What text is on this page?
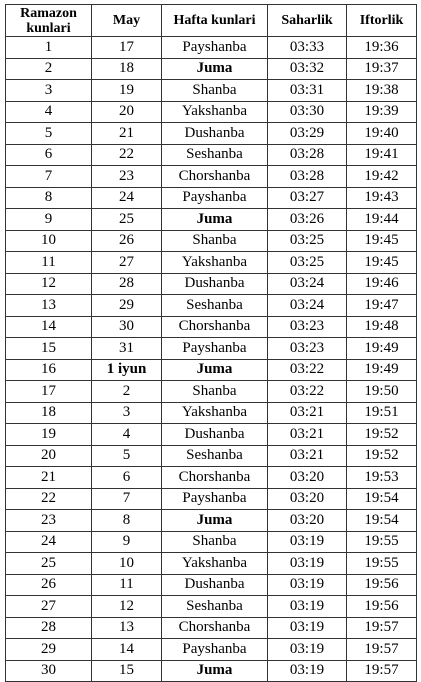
Ramazon
kunlari	May	Hafta kunlari	Saharlik	Iftorlik
1	17	Payshanba	03:33	19:36
2	18	Juma	03:32	19:37
3	19	Shanba	03:31	19:38
4	20	Yakshanba	03:30	19:39
5	21	Dushanba	03:29	19:40
6	22	Seshanba	03:28	19:41
7	23	Chorshanba	03:28	19:42
8	24	Payshanba	03:27	19:43
9	25	Juma	03:26	19:44
10	26	Shanba	03:25	19:45
11	27	Yakshanba	03:25	19:45
12	28	Dushanba	03:24	19:46
13	29	Seshanba	03:24	19:47
14	30	Chorshanba	03:23	19:48
15	31	Payshanba	03:23	19:49
16	1 iyun	Juma	03:22	19:49
17	2	Shanba	03:22	19:50
18	3	Yakshanba	03:21	19:51
19	4	Dushanba	03:21	19:52
20	5	Seshanba	03:21	19:52
21	6	Chorshanba	03:20	19:53
22	7	Payshanba	03:20	19:54
23	8	Juma	03:20	19:54
24	9	Shanba	03:19	19:55
25	10	Yakshanba	03:19	19:55
26	11	Dushanba	03:19	19:56
27	12	Seshanba	03:19	19:56
28	13	Chorshanba	03:19	19:57
29	14	Payshanba	03:19	19:57
30	15	Juma	03:19	19:57
